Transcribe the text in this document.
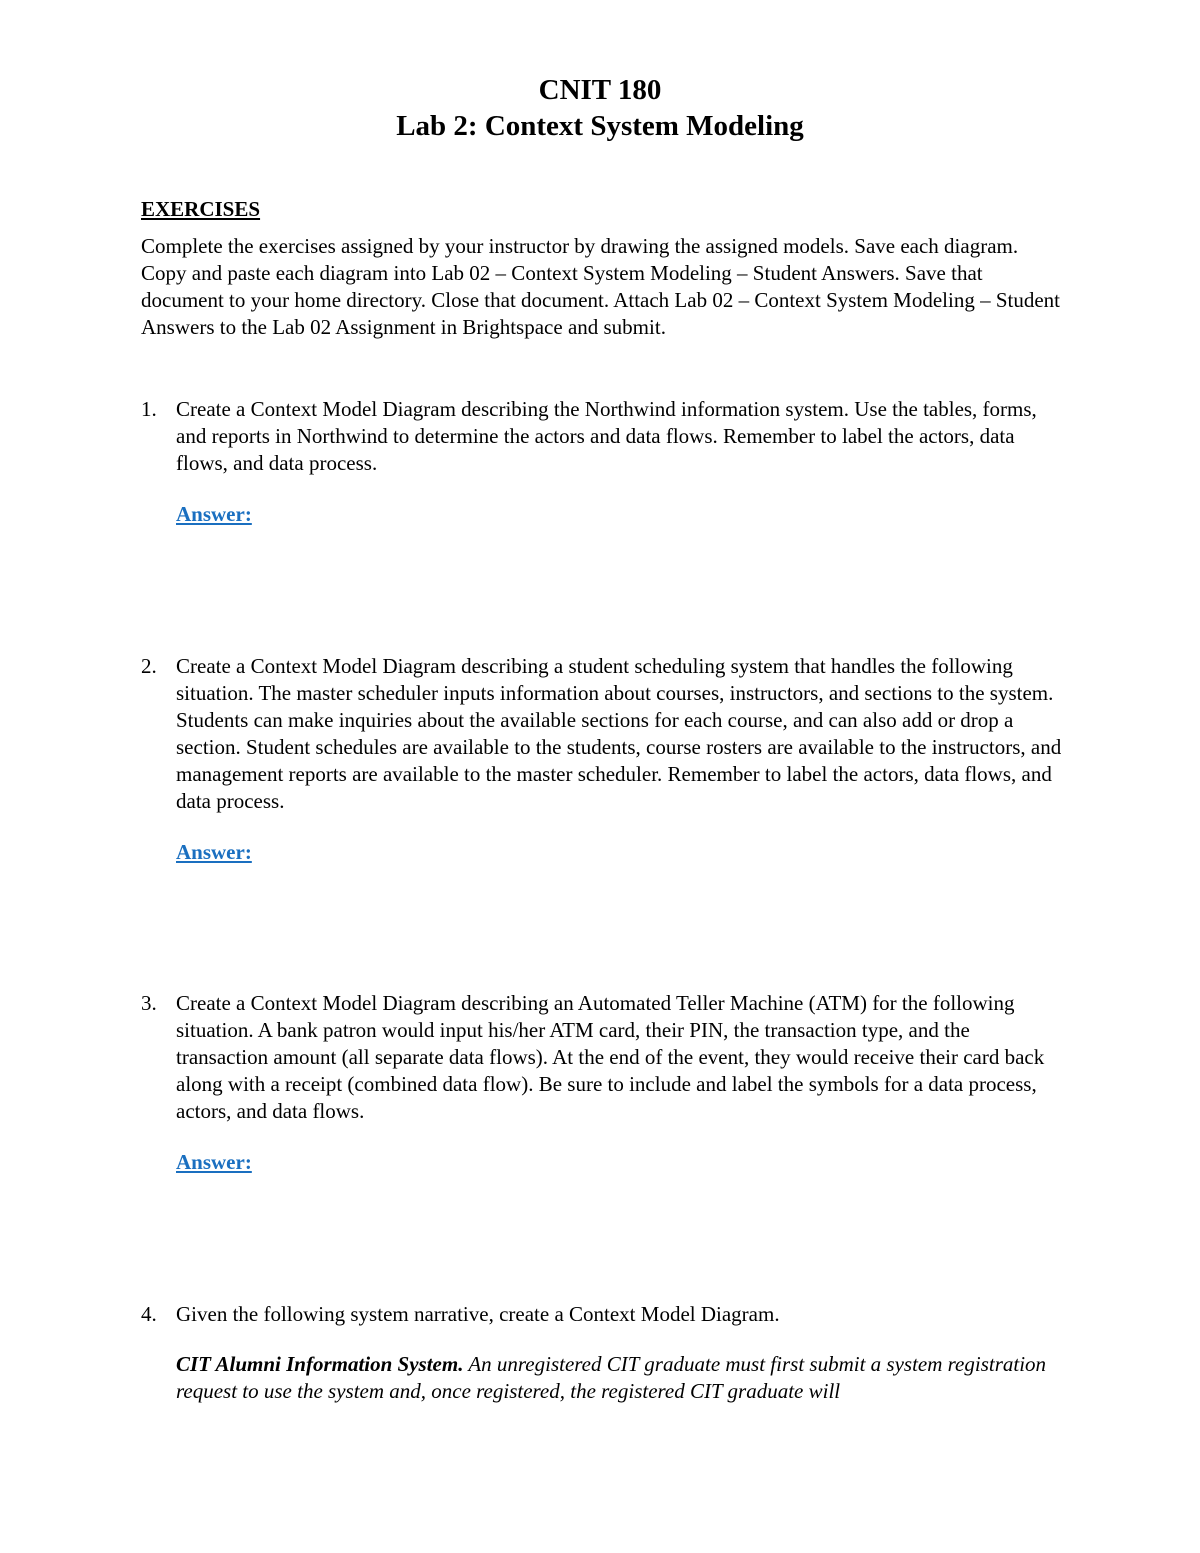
CNIT 180
Lab 2: Context System Modeling
EXERCISES
Complete the exercises assigned by your instructor by drawing the assigned models. Save each diagram. Copy and paste each diagram into Lab 02 – Context System Modeling – Student Answers. Save that document to your home directory. Close that document. Attach Lab 02 – Context System Modeling – Student Answers to the Lab 02 Assignment in Brightspace and submit.
1. Create a Context Model Diagram describing the Northwind information system. Use the tables, forms, and reports in Northwind to determine the actors and data flows. Remember to label the actors, data flows, and data process.
Answer:
2. Create a Context Model Diagram describing a student scheduling system that handles the following situation. The master scheduler inputs information about courses, instructors, and sections to the system. Students can make inquiries about the available sections for each course, and can also add or drop a section. Student schedules are available to the students, course rosters are available to the instructors, and management reports are available to the master scheduler. Remember to label the actors, data flows, and data process.
Answer:
3. Create a Context Model Diagram describing an Automated Teller Machine (ATM) for the following situation. A bank patron would input his/her ATM card, their PIN, the transaction type, and the transaction amount (all separate data flows). At the end of the event, they would receive their card back along with a receipt (combined data flow). Be sure to include and label the symbols for a data process, actors, and data flows.
Answer:
4. Given the following system narrative, create a Context Model Diagram.
CIT Alumni Information System. An unregistered CIT graduate must first submit a system registration request to use the system and, once registered, the registered CIT graduate will
